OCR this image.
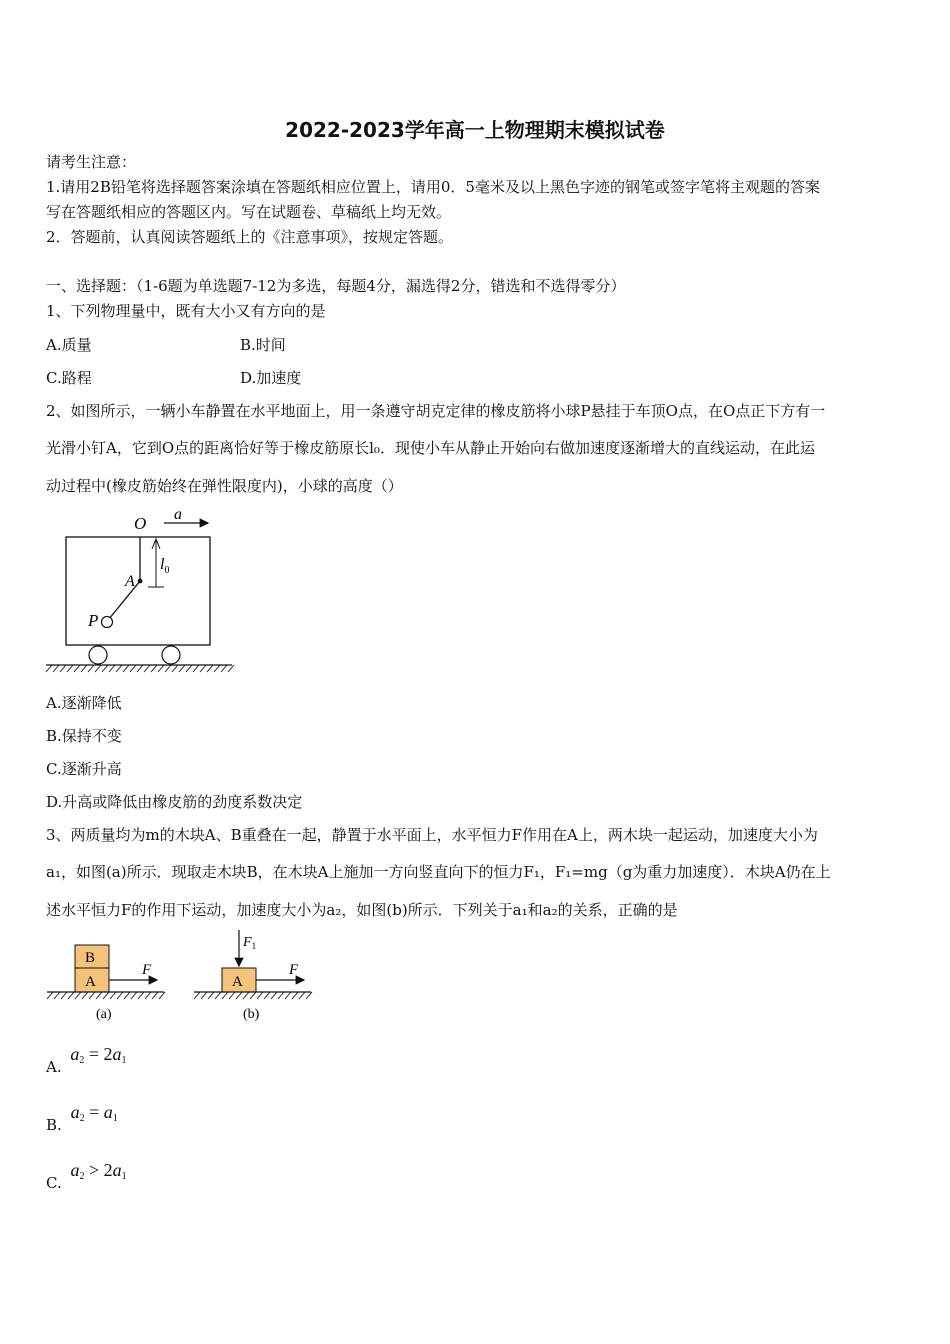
2022-2023学年高一上物理期末模拟试卷
请考生注意：
1.请用2B铅笔将选择题答案涂填在答题纸相应位置上，请用0．5毫米及以上黑色字迹的钢笔或签字笔将主观题的答案
写在答题纸相应的答题区内。写在试题卷、草稿纸上均无效。
2．答题前，认真阅读答题纸上的《注意事项》，按规定答题。
一、选择题：（1-6题为单选题7-12为多选，每题4分，漏选得2分，错选和不选得零分）
1、下列物理量中，既有大小又有方向的是
A.质量	B.时间
C.路程	D.加速度
2、如图所示，一辆小车静置在水平地面上，用一条遵守胡克定律的橡皮筋将小球P悬挂于车顶O点，在O点正下方有一
光滑小钉A，它到O点的距离恰好等于橡皮筋原长l₀．现使小车从静止开始向右做加速度逐渐增大的直线运动，在此运
动过程中(橡皮筋始终在弹性限度内)，小球的高度（）
O a
$l_0$
A
P
A.逐渐降低
B.保持不变
C.逐渐升高
D.升高或降低由橡皮筋的劲度系数决定
3、两质量均为m的木块A、B重叠在一起，静置于水平面上，水平恒力F作用在A上，两木块一起运动，加速度大小为
a₁，如图(a)所示．现取走木块B，在木块A上施加一方向竖直向下的恒力F₁，F₁=mg（g为重力加速度）．木块A仍在上
述水平恒力F的作用下运动，加速度大小为a₂，如图(b)所示．下列关于a₁和a₂的关系，正确的是
B
A
F
(a)
$F_1$
A
F
(b)
A. $a_2 = 2a_1$
B. $a_2 = a_1$
C. $a_2 > 2a_1$
